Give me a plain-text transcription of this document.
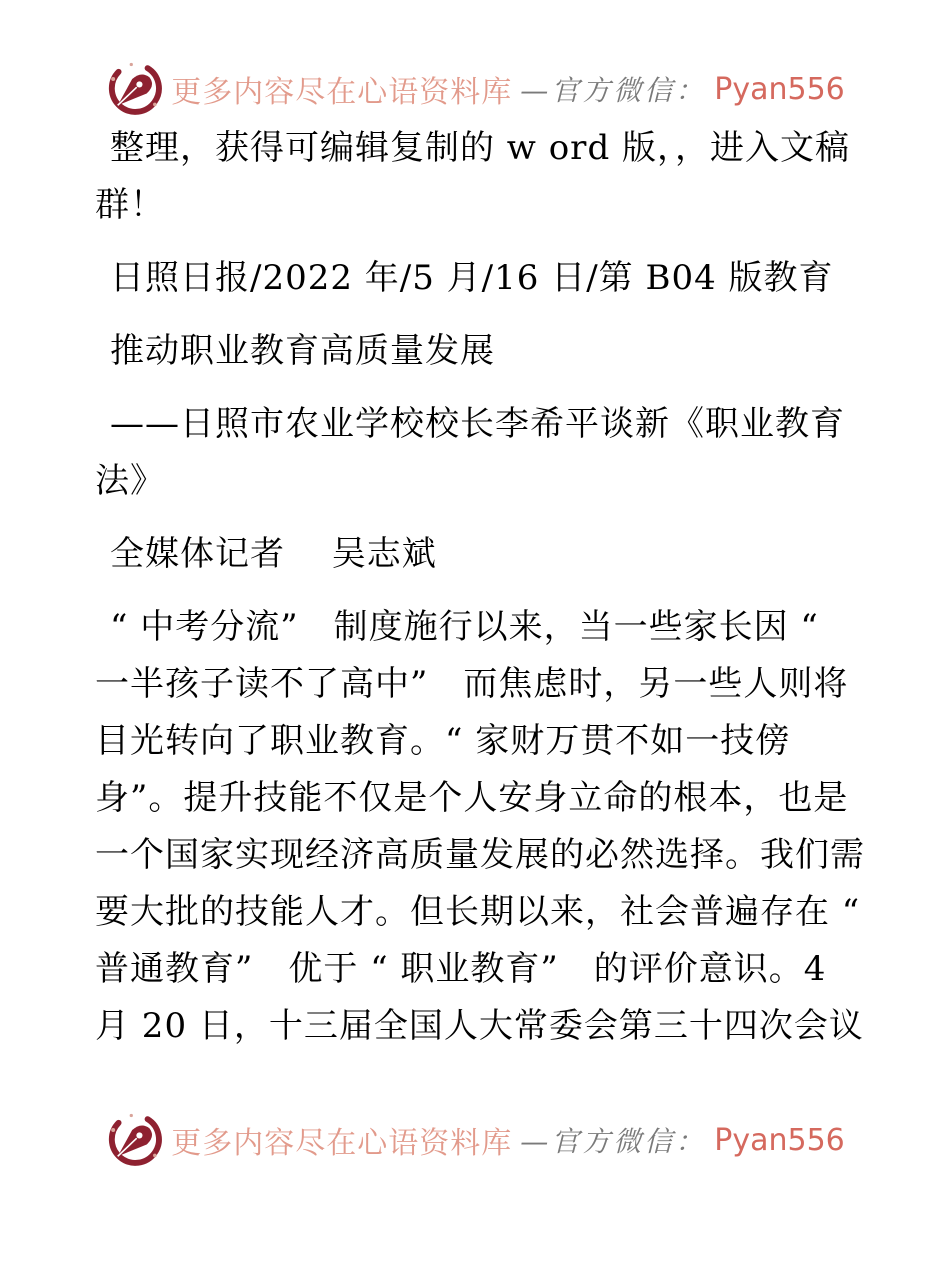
更多内容尽在心语资料库 —官方微信： Pyan556
整理，获得可编辑复制的 w ord 版，，进入文稿
群！
日照日报/2022 年/5 月/16 日/第 B04 版教育
推动职业教育高质量发展
——日照市农业学校校长李希平谈新《职业教育
法》
全媒体记者　 吴志斌
“ 中考分流”　制度施行以来，当一些家长因 “
一半孩子读不了高中”　而焦虑时，另一些人则将
目光转向了职业教育。“ 家财万贯不如一技傍
身”。提升技能不仅是个人安身立命的根本，也是
一个国家实现经济高质量发展的必然选择。我们需
要大批的技能人才。但长期以来，社会普遍存在 “
普通教育”　优于 “ 职业教育”　的评价意识。4
月 20 日，十三届全国人大常委会第三十四次会议
更多内容尽在心语资料库 —官方微信： Pyan556
